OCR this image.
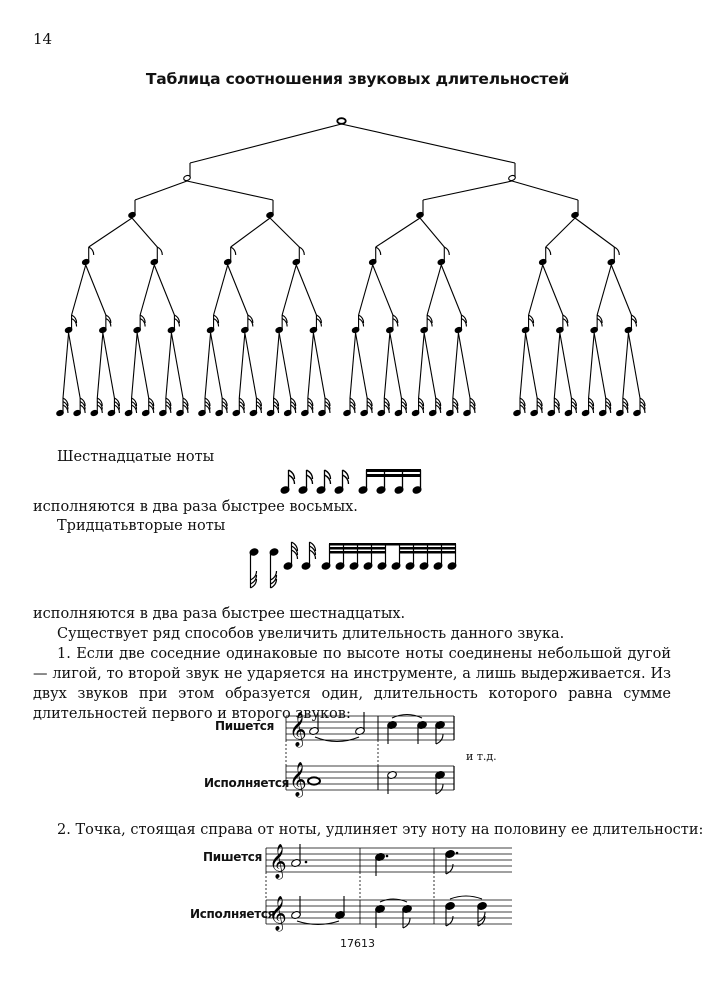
14
Таблица соотношения звуковых длительностей
Шестнадцатые ноты
исполняются в два раза быстрее восьмых.
Тридцатьвторые ноты
исполняются в два раза быстрее шестнадцатых.
Существует ряд способов увеличить длительность данного звука.
1. Если две соседние одинаковые по высоте ноты соединены небольшой дугой — лигой, то второй звук не ударяется на инструменте, а лишь выдерживается. Из двух звуков при этом образуется один, длительность которого равна сумме длительностей первого и второго звуков:
Пишется
Исполняется
и т.д.
𝄞
𝄞
2. Точка, стоящая справа от ноты, удлиняет эту ноту на половину ее длительности:
Пишется
Исполняется
𝄞
𝄞
17613
